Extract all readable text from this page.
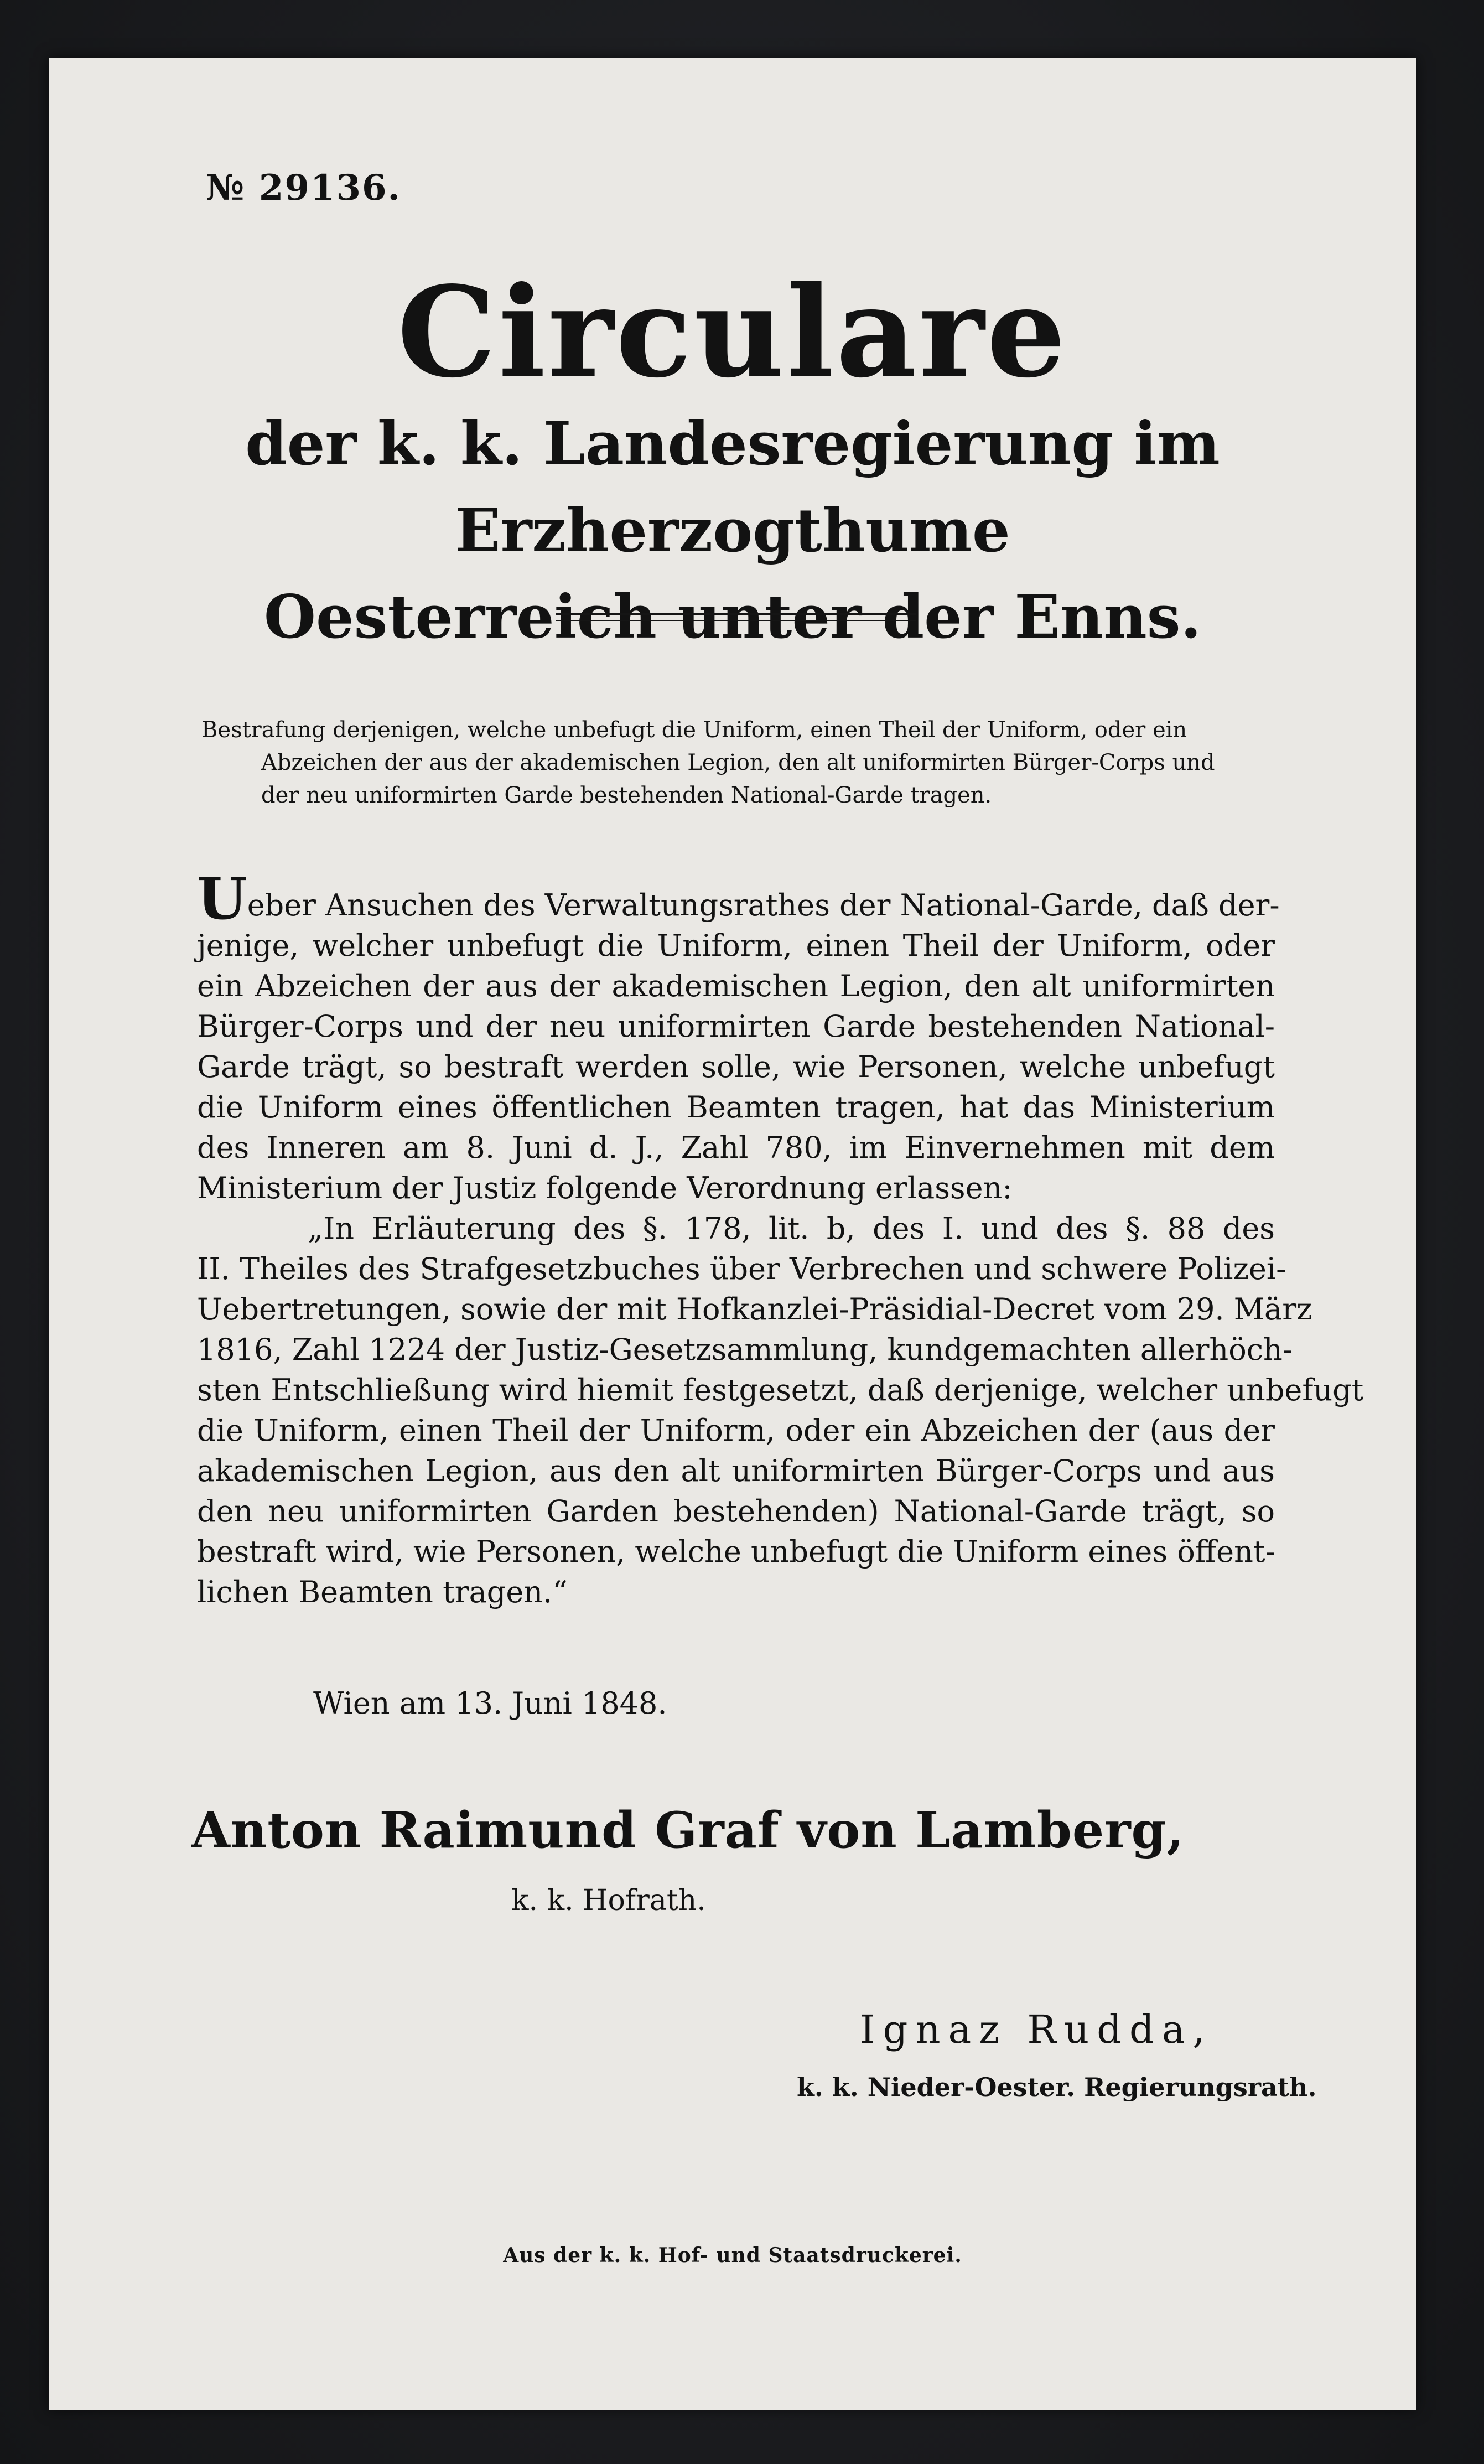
№ 29136.
Circulare
der k. k. Landesregierung im Erzherzogthume
Oesterreich unter der Enns.
Bestrafung derjenigen, welche unbefugt die Uniform, einen Theil der Uniform, oder ein
Abzeichen der aus der akademischen Legion, den alt uniformirten Bürger-Corps und
der neu uniformirten Garde bestehenden National-Garde tragen.
Ueber Ansuchen des Verwaltungsrathes der National-Garde, daß der-
jenige, welcher unbefugt die Uniform, einen Theil der Uniform, oder
ein Abzeichen der aus der akademischen Legion, den alt uniformirten
Bürger-Corps und der neu uniformirten Garde bestehenden National-
Garde trägt, so bestraft werden solle, wie Personen, welche unbefugt
die Uniform eines öffentlichen Beamten tragen, hat das Ministerium
des Inneren am 8. Juni d. J., Zahl 780, im Einvernehmen mit dem
Ministerium der Justiz folgende Verordnung erlassen:
„In Erläuterung des §. 178, lit. b, des I. und des §. 88 des
II. Theiles des Strafgesetzbuches über Verbrechen und schwere Polizei-
Uebertretungen, sowie der mit Hofkanzlei-Präsidial-Decret vom 29. März
1816, Zahl 1224 der Justiz-Gesetzsammlung, kundgemachten allerhöch-
sten Entschließung wird hiemit festgesetzt, daß derjenige, welcher unbefugt
die Uniform, einen Theil der Uniform, oder ein Abzeichen der (aus der
akademischen Legion, aus den alt uniformirten Bürger-Corps und aus
den neu uniformirten Garden bestehenden) National-Garde trägt, so
bestraft wird, wie Personen, welche unbefugt die Uniform eines öffent-
lichen Beamten tragen.“
Wien am 13. Juni 1848.
Anton Raimund Graf von Lamberg,
k. k. Hofrath.
Ignaz Rudda,
k. k. Nieder-Oester. Regierungsrath.
Aus der k. k. Hof- und Staatsdruckerei.
